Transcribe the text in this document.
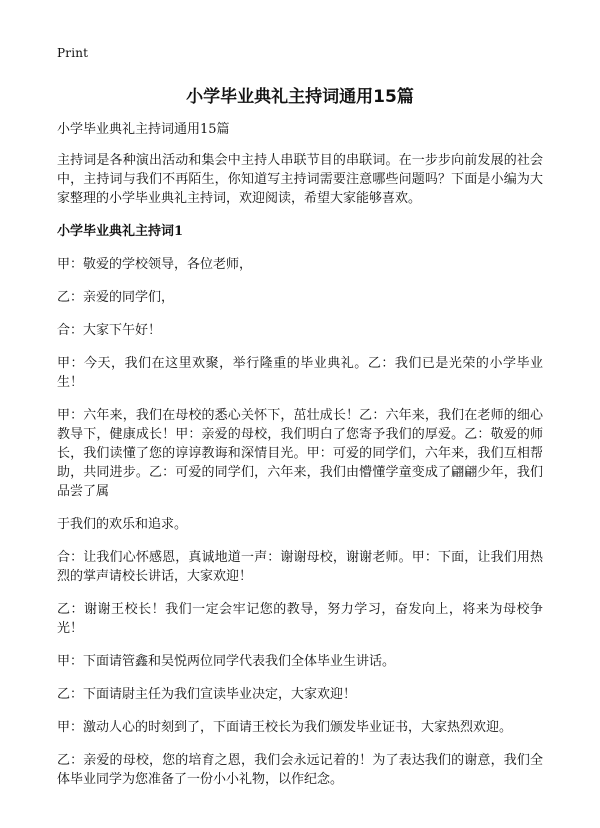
Print
小学毕业典礼主持词通用15篇

小学毕业典礼主持词通用15篇

主持词是各种演出活动和集会中主持人串联节目的串联词。在一步步向前发展的社会中，主持词与我们不再陌生，你知道写主持词需要注意哪些问题吗？下面是小编为大家整理的小学毕业典礼主持词，欢迎阅读，希望大家能够喜欢。

小学毕业典礼主持词1

甲：敬爱的学校领导，各位老师，

乙：亲爱的同学们，

合：大家下午好！

甲：今天，我们在这里欢聚，举行隆重的毕业典礼。乙：我们已是光荣的小学毕业生！

甲：六年来，我们在母校的悉心关怀下，茁壮成长！乙：六年来，我们在老师的细心教导下，健康成长！甲：亲爱的母校，我们明白了您寄予我们的厚爱。乙：敬爱的师长，我们读懂了您的谆谆教诲和深情目光。甲：可爱的同学们，六年来，我们互相帮助，共同进步。乙：可爱的同学们，六年来，我们由懵懂学童变成了翩翩少年，我们品尝了属

于我们的欢乐和追求。

合：让我们心怀感恩，真诚地道一声：谢谢母校，谢谢老师。甲：下面，让我们用热烈的掌声请校长讲话，大家欢迎！

乙：谢谢王校长！我们一定会牢记您的教导，努力学习，奋发向上，将来为母校争光！

甲：下面请管鑫和吴悦两位同学代表我们全体毕业生讲话。

乙：下面请尉主任为我们宣读毕业决定，大家欢迎！

甲：激动人心的时刻到了，下面请王校长为我们颁发毕业证书，大家热烈欢迎。

乙：亲爱的母校，您的培育之恩，我们会永远记着的！为了表达我们的谢意，我们全体毕业同学为您准备了一份小小礼物，以作纪念。
